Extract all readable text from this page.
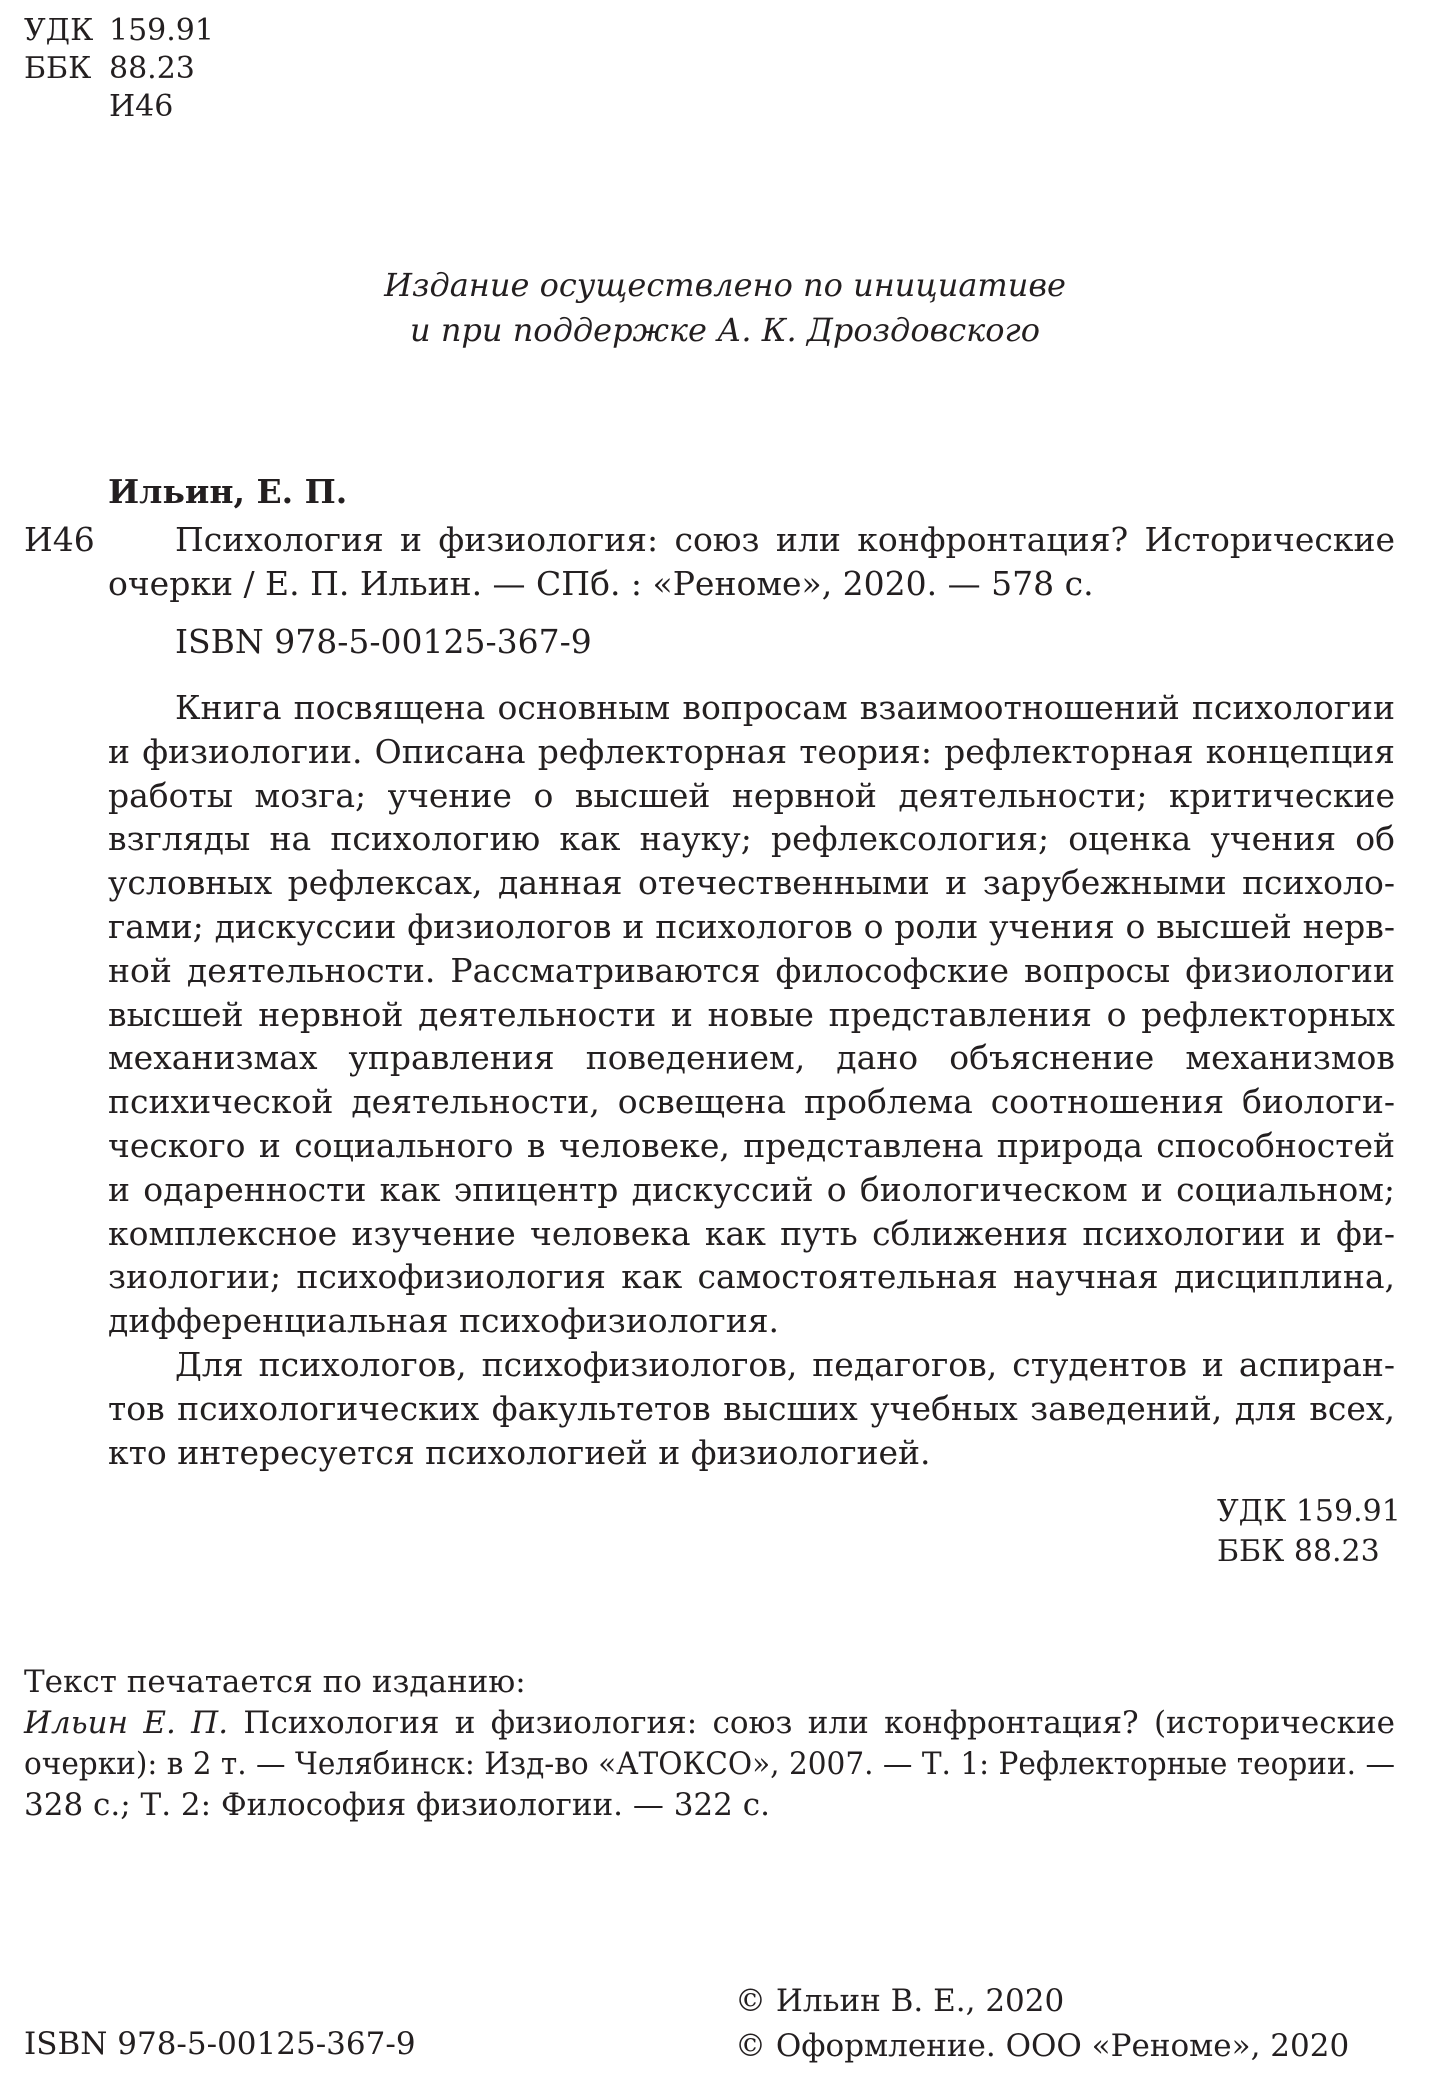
УДК 159.91
ББК 88.23
И46
Издание осуществлено по инициативе
и при поддержке А. К. Дроздовского
Ильин, Е. П.
И46	Психология и физиология: союз или конфронтация? Исторические
очерки / Е. П. Ильин. — СПб. : «Реноме», 2020. — 578 с.
ISBN 978-5-00125-367-9
Книга посвящена основным вопросам взаимоотношений психологии
и физиологии. Описана рефлекторная теория: рефлекторная концепция
работы мозга; учение о высшей нервной деятельности; критические
взгляды на психологию как науку; рефлексология; оценка учения об
условных рефлексах, данная отечественными и зарубежными психоло-
гами; дискуссии физиологов и психологов о роли учения о высшей нерв-
ной деятельности. Рассматриваются философские вопросы физиологии
высшей нервной деятельности и новые представления о рефлекторных
механизмах управления поведением, дано объяснение механизмов
психической деятельности, освещена проблема соотношения биологи-
ческого и социального в человеке, представлена природа способностей
и одаренности как эпицентр дискуссий о биологическом и социальном;
комплексное изучение человека как путь сближения психологии и фи-
зиологии; психофизиология как самостоятельная научная дисциплина,
дифференциальная психофизиология.
Для психологов, психофизиологов, педагогов, студентов и аспиран-
тов психологических факультетов высших учебных заведений, для всех,
кто интересуется психологией и физиологией.
УДК 159.91
ББК 88.23
Текст печатается по изданию:
Ильин Е. П. Психология и физиология: союз или конфронтация? (исторические
очерки): в 2 т. — Челябинск: Изд-во «АТОКСО», 2007. — Т. 1: Рефлекторные теории. —
328 с.; Т. 2: Философия физиологии. — 322 с.
© Ильин В. Е., 2020
© Оформление. ООО «Реноме», 2020
ISBN 978-5-00125-367-9
